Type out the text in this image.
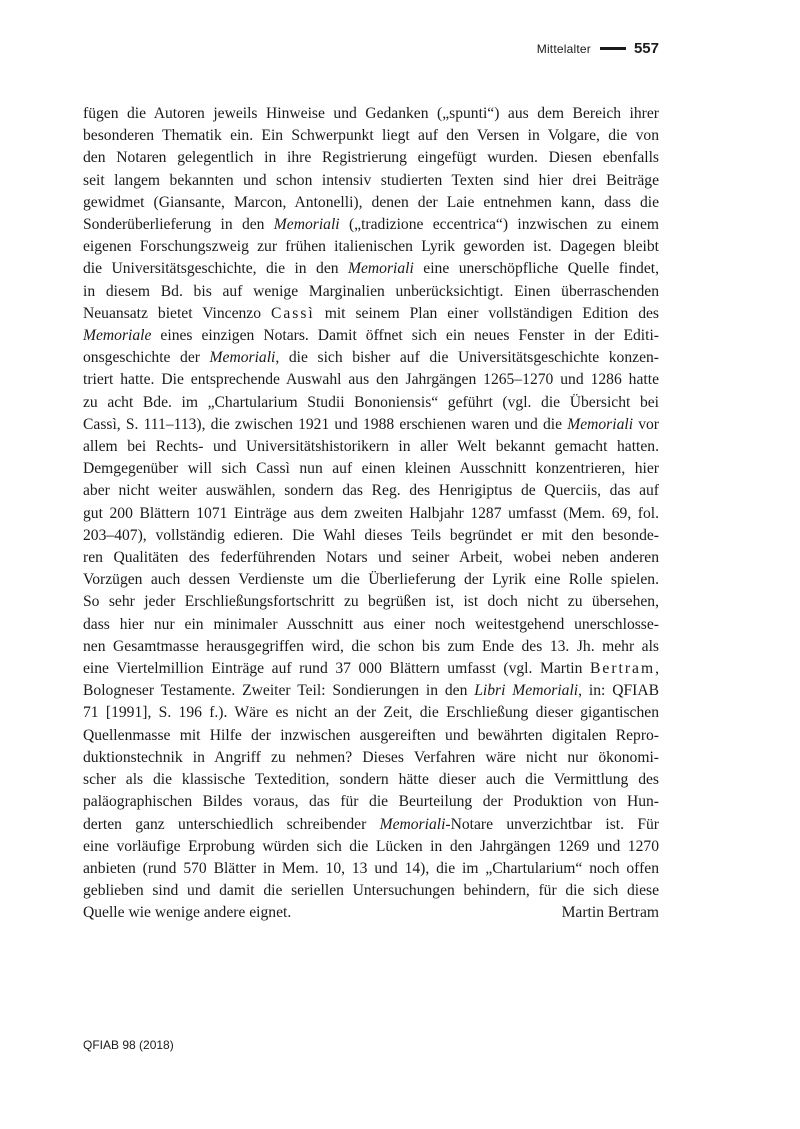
Mittelalter	557
fügen die Autoren jeweils Hinweise und Gedanken („spunti“) aus dem Bereich ihrer
besonderen Thematik ein. Ein Schwerpunkt liegt auf den Versen in Volgare, die von
den Notaren gelegentlich in ihre Registrierung eingefügt wurden. Diesen ebenfalls
seit langem bekannten und schon intensiv studierten Texten sind hier drei Beiträge
gewidmet (Giansante, Marcon, Antonelli), denen der Laie entnehmen kann, dass die
Sonderüberlieferung in den Memoriali („tradizione eccentrica“) inzwischen zu einem
eigenen Forschungszweig zur frühen italienischen Lyrik geworden ist. Dagegen bleibt
die Universitätsgeschichte, die in den Memoriali eine unerschöpfliche Quelle findet,
in diesem Bd. bis auf wenige Marginalien unberücksichtigt. Einen überraschenden
Neuansatz bietet Vincenzo Cassì mit seinem Plan einer vollständigen Edition des
Memoriale eines einzigen Notars. Damit öffnet sich ein neues Fenster in der Editi-
onsgeschichte der Memoriali, die sich bisher auf die Universitätsgeschichte konzen-
triert hatte. Die entsprechende Auswahl aus den Jahrgängen 1265–1270 und 1286 hatte
zu acht Bde. im „Chartularium Studii Bononiensis“ geführt (vgl. die Übersicht bei
Cassì, S. 111–113), die zwischen 1921 und 1988 erschienen waren und die Memoriali vor
allem bei Rechts- und Universitätshistorikern in aller Welt bekannt gemacht hatten.
Demgegenüber will sich Cassì nun auf einen kleinen Ausschnitt konzentrieren, hier
aber nicht weiter auswählen, sondern das Reg. des Henrigiptus de Querciis, das auf
gut 200 Blättern 1071 Einträge aus dem zweiten Halbjahr 1287 umfasst (Mem. 69, fol.
203–407), vollständig edieren. Die Wahl dieses Teils begründet er mit den besonde-
ren Qualitäten des federführenden Notars und seiner Arbeit, wobei neben anderen
Vorzügen auch dessen Verdienste um die Überlieferung der Lyrik eine Rolle spielen.
So sehr jeder Erschließungsfortschritt zu begrüßen ist, ist doch nicht zu übersehen,
dass hier nur ein minimaler Ausschnitt aus einer noch weitestgehend unerschlosse-
nen Gesamtmasse herausgegriffen wird, die schon bis zum Ende des 13. Jh. mehr als
eine Viertelmillion Einträge auf rund 37 000 Blättern umfasst (vgl. Martin Bertram,
Bologneser Testamente. Zweiter Teil: Sondierungen in den Libri Memoriali, in: QFIAB
71 [1991], S. 196 f.). Wäre es nicht an der Zeit, die Erschließung dieser gigantischen
Quellenmasse mit Hilfe der inzwischen ausgereiften und bewährten digitalen Repro-
duktionstechnik in Angriff zu nehmen? Dieses Verfahren wäre nicht nur ökonomi-
scher als die klassische Textedition, sondern hätte dieser auch die Vermittlung des
paläographischen Bildes voraus, das für die Beurteilung der Produktion von Hun-
derten ganz unterschiedlich schreibender Memoriali-Notare unverzichtbar ist. Für
eine vorläufige Erprobung würden sich die Lücken in den Jahrgängen 1269 und 1270
anbieten (rund 570 Blätter in Mem. 10, 13 und 14), die im „Chartularium“ noch offen
geblieben sind und damit die seriellen Untersuchungen behindern, für die sich diese
Quelle wie wenige andere eignet.	Martin Bertram
QFIAB 98 (2018)
